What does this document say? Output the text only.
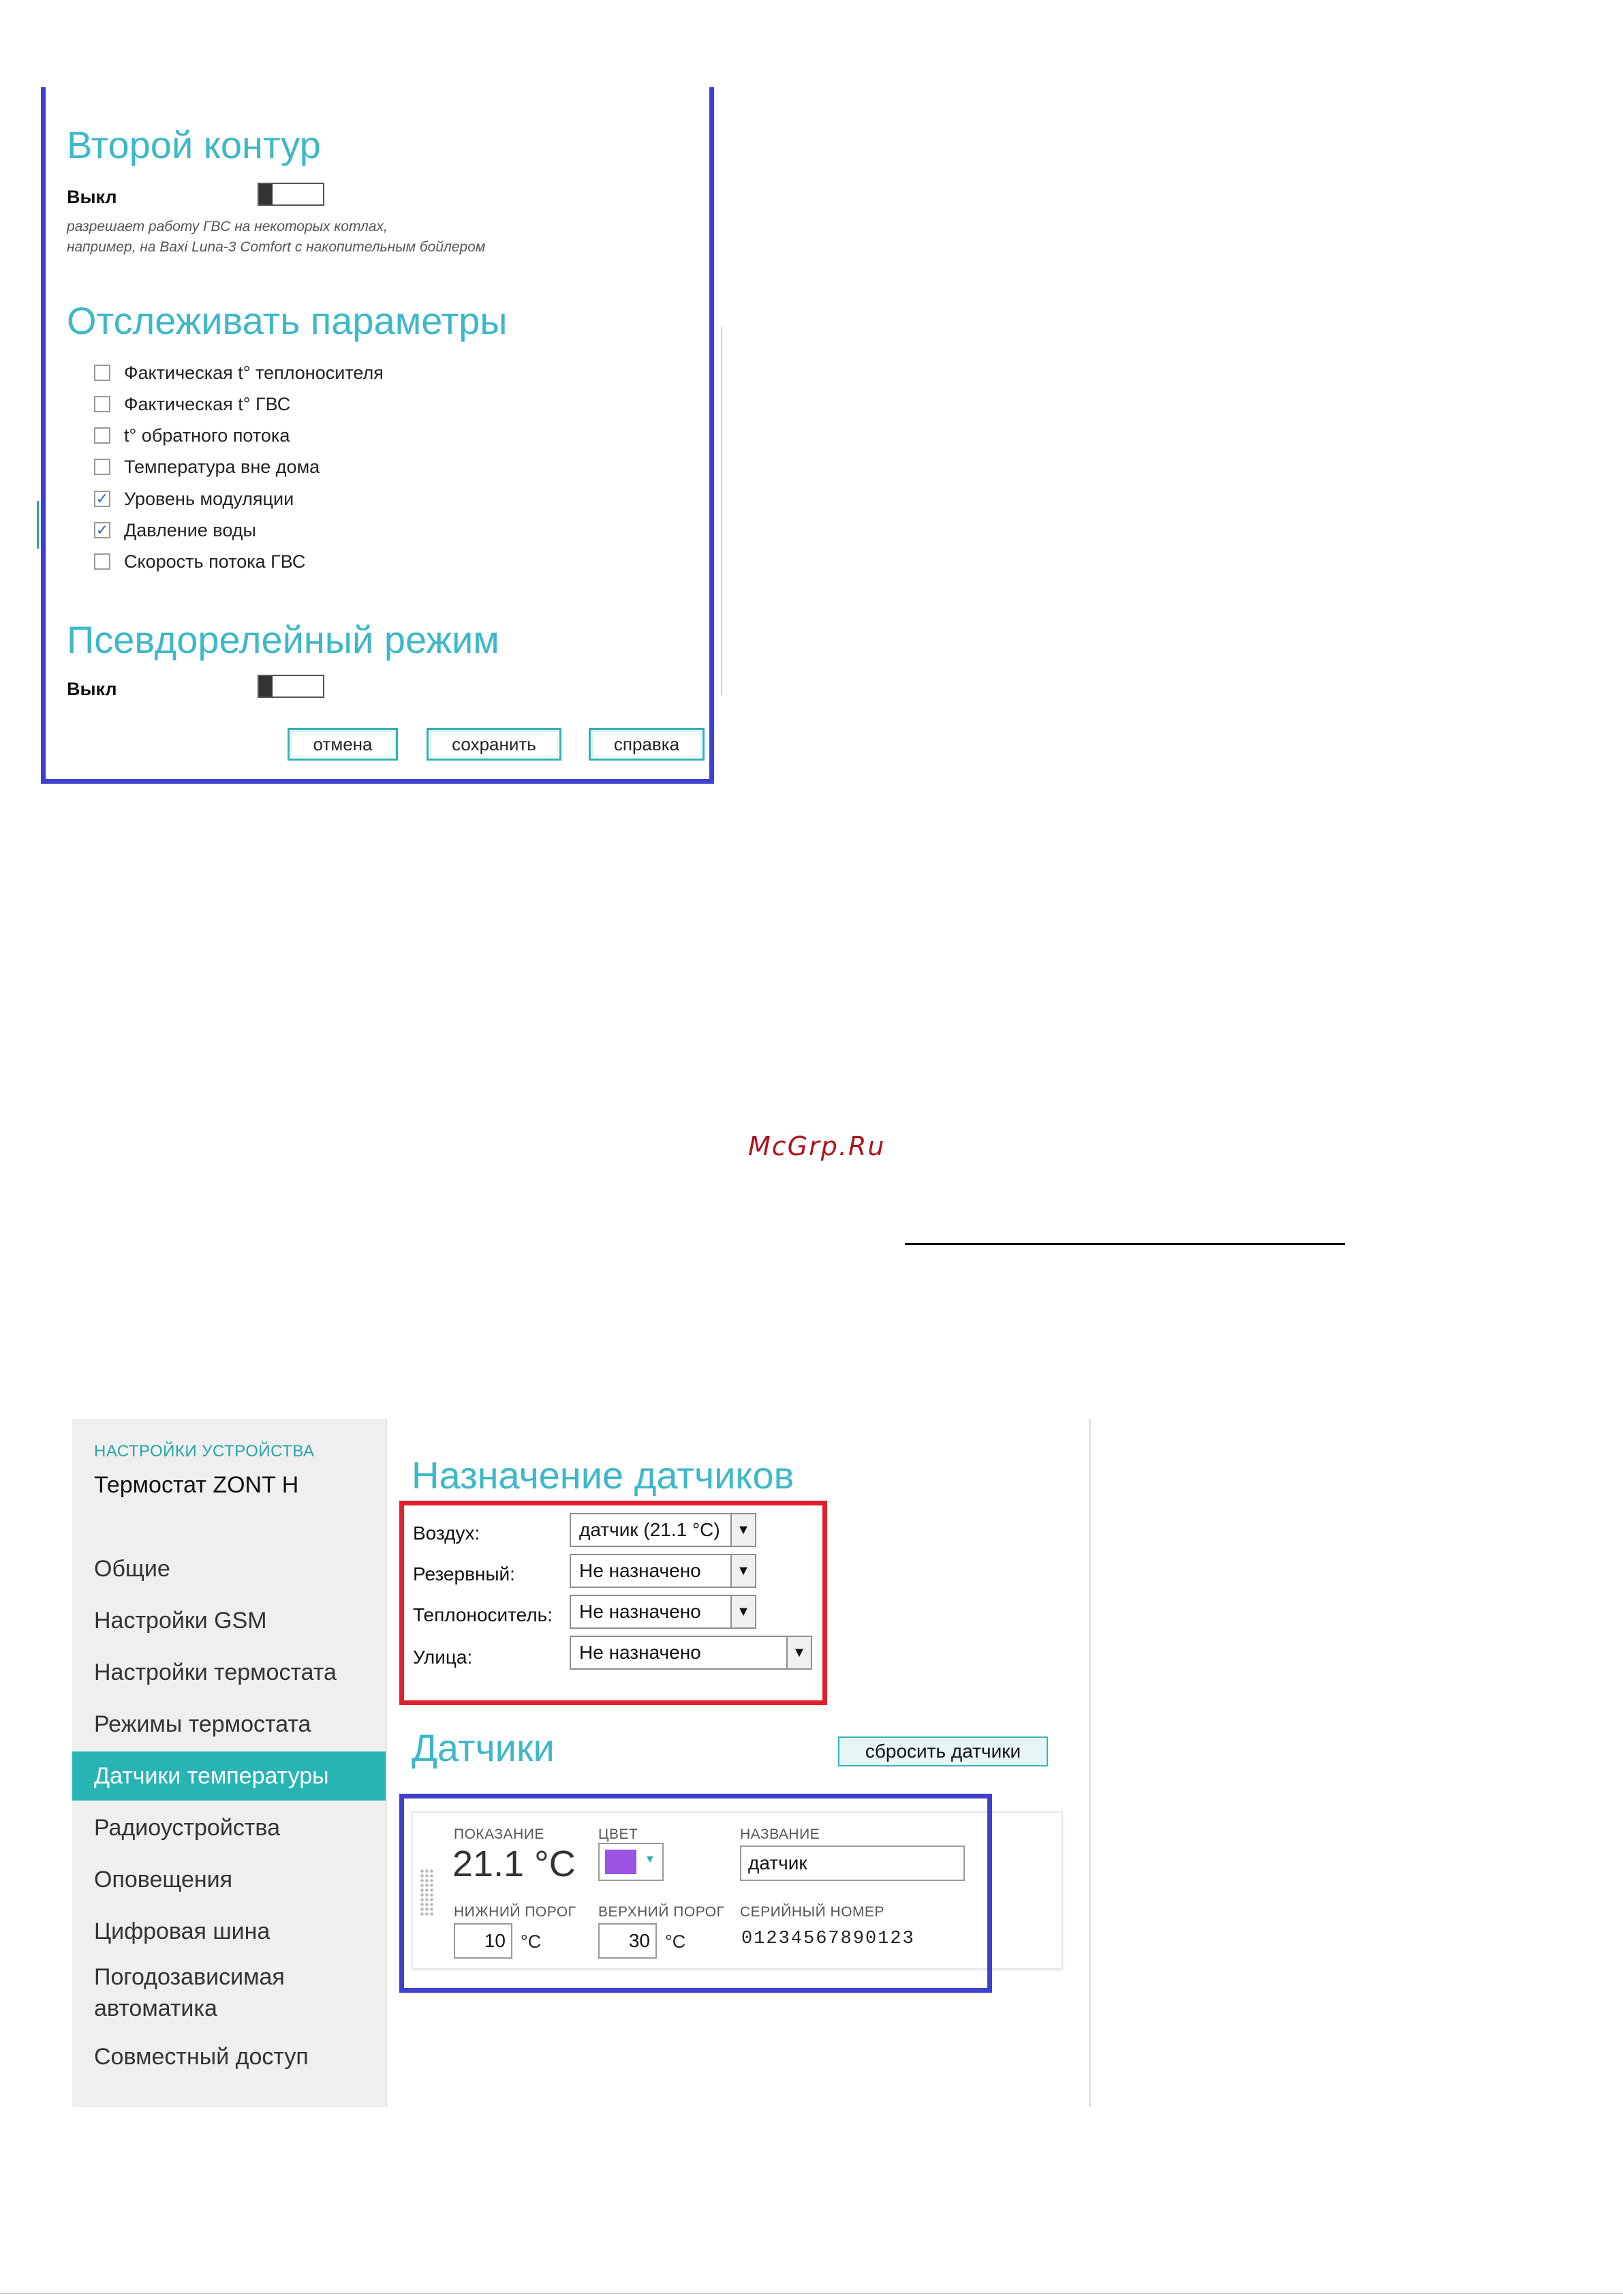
Второй контур
Выкл
разрешает работу ГВС на некоторых котлах,
например, на Baxi Luna-3 Comfort с накопительным бойлером
Отслеживать параметры
Фактическая t° теплоносителя
Фактическая t° ГВС
t° обратного потока
Температура вне дома
✓ Уровень модуляции
✓ Давление воды
Скорость потока ГВС
Псевдорелейный режим
Выкл
отмена	сохранить	справка
McGrp.Ru
НАСТРОЙКИ УСТРОЙСТВА
Термостат ZONT H
Общие
Настройки GSM
Настройки термостата
Режимы термостата
Датчики температуры
Радиоустройства
Оповещения
Цифровая шина
Погодозависимая
автоматика
Совместный доступ
Назначение датчиков
Воздух:	датчик (21.1 °C)	▼
Резервный:	Не назначено	▼
Теплоноситель:	Не назначено	▼
Улица:	Не назначено	▼
Датчики	сбросить датчики
ПОКАЗАНИЕ
21.1 °C
ЦВЕТ
▼
НАЗВАНИЕ
датчик
НИЖНИЙ ПОРОГ
10
°C
ВЕРХНИЙ ПОРОГ
30
°C
СЕРИЙНЫЙ НОМЕР
01234567890123
